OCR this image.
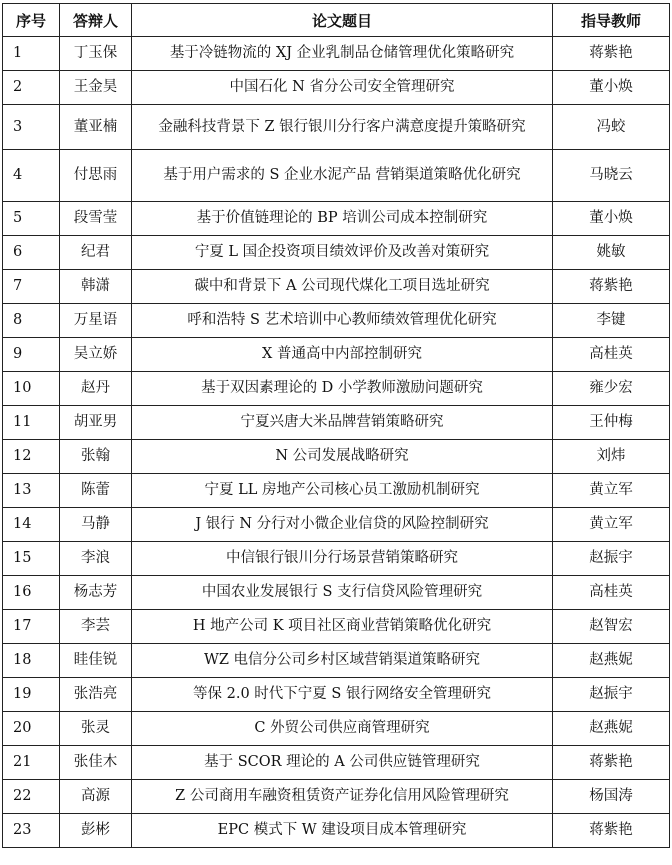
序号	答辩人	论文题目	指导教师
1	丁玉保	基于冷链物流的 XJ 企业乳制品仓储管理优化策略研究	蒋紫艳
2	王金昊	中国石化 N 省分公司安全管理研究	董小焕
3	董亚楠	金融科技背景下 Z 银行银川分行客户满意度提升策略研究	冯蛟
4	付思雨	基于用户需求的 S 企业水泥产品 营销渠道策略优化研究	马晓云
5	段雪莹	基于价值链理论的 BP 培训公司成本控制研究	董小焕
6	纪君	宁夏 L 国企投资项目绩效评价及改善对策研究	姚敏
7	韩潇	碳中和背景下 A 公司现代煤化工项目选址研究	蒋紫艳
8	万星语	呼和浩特 S 艺术培训中心教师绩效管理优化研究	李键
9	吴立娇	X 普通高中内部控制研究	高桂英
10	赵丹	基于双因素理论的 D 小学教师激励问题研究	雍少宏
11	胡亚男	宁夏兴唐大米品牌营销策略研究	王仲梅
12	张翰	N 公司发展战略研究	刘炜
13	陈蕾	宁夏 LL 房地产公司核心员工激励机制研究	黄立军
14	马静	J 银行 N 分行对小微企业信贷的风险控制研究	黄立军
15	李浪	中信银行银川分行场景营销策略研究	赵振宇
16	杨志芳	中国农业发展银行 S 支行信贷风险管理研究	高桂英
17	李芸	H 地产公司 K 项目社区商业营销策略优化研究	赵智宏
18	眭佳锐	WZ 电信分公司乡村区域营销渠道策略研究	赵燕妮
19	张浩亮	等保 2.0 时代下宁夏 S 银行网络安全管理研究	赵振宇
20	张灵	C 外贸公司供应商管理研究	赵燕妮
21	张佳木	基于 SCOR 理论的 A 公司供应链管理研究	蒋紫艳
22	高源	Z 公司商用车融资租赁资产证券化信用风险管理研究	杨国涛
23	彭彬	EPC 模式下 W 建设项目成本管理研究	蒋紫艳
